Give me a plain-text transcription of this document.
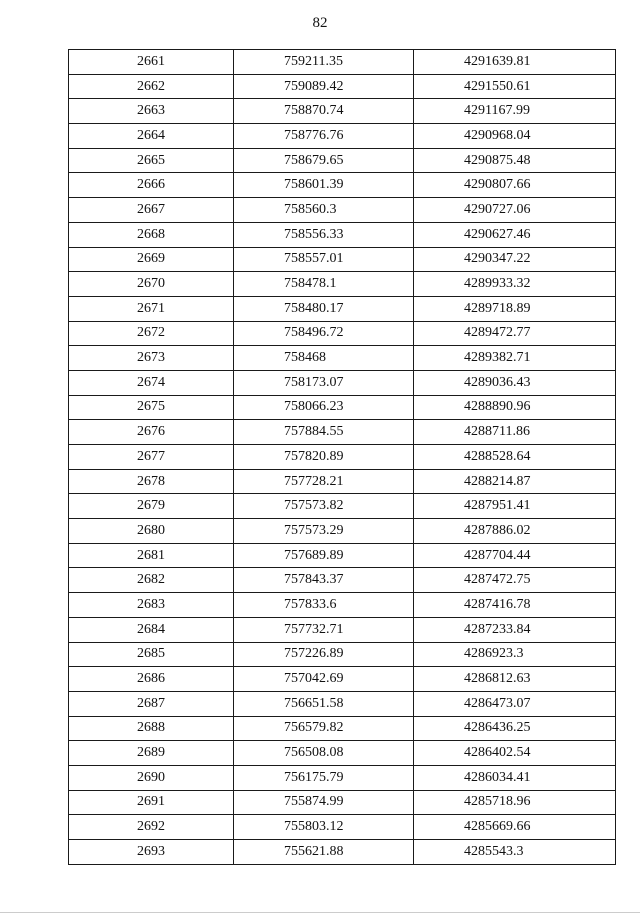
82
2661	759211.35	4291639.81
2662	759089.42	4291550.61
2663	758870.74	4291167.99
2664	758776.76	4290968.04
2665	758679.65	4290875.48
2666	758601.39	4290807.66
2667	758560.3	4290727.06
2668	758556.33	4290627.46
2669	758557.01	4290347.22
2670	758478.1	4289933.32
2671	758480.17	4289718.89
2672	758496.72	4289472.77
2673	758468	4289382.71
2674	758173.07	4289036.43
2675	758066.23	4288890.96
2676	757884.55	4288711.86
2677	757820.89	4288528.64
2678	757728.21	4288214.87
2679	757573.82	4287951.41
2680	757573.29	4287886.02
2681	757689.89	4287704.44
2682	757843.37	4287472.75
2683	757833.6	4287416.78
2684	757732.71	4287233.84
2685	757226.89	4286923.3
2686	757042.69	4286812.63
2687	756651.58	4286473.07
2688	756579.82	4286436.25
2689	756508.08	4286402.54
2690	756175.79	4286034.41
2691	755874.99	4285718.96
2692	755803.12	4285669.66
2693	755621.88	4285543.3
